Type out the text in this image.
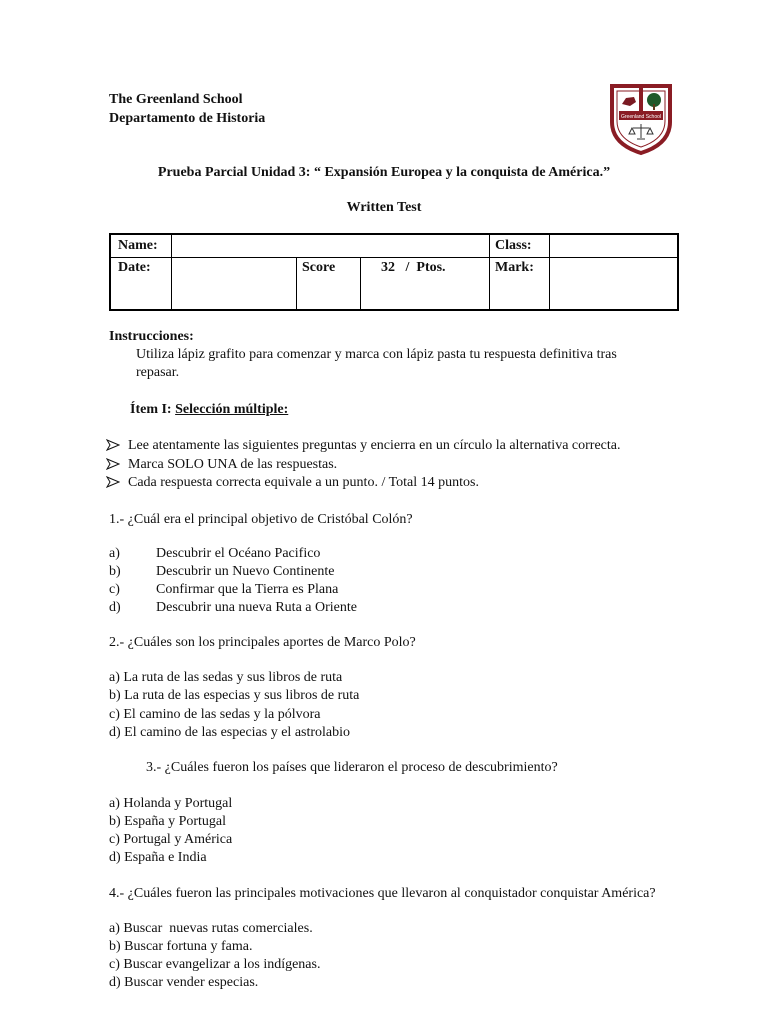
The Greenland School
Departamento de Historia	Greenland School
Prueba Parcial Unidad 3: “ Expansión Europea y la conquista de América.”
Written Test
Name:	Class:
Date:	Score	32   /  Ptos.	Mark:
Instrucciones:
Utiliza lápiz grafito para comenzar y marca con lápiz pasta tu respuesta definitiva tras
repasar.
Ítem I: Selección múltiple:
Lee atentamente las siguientes preguntas y encierra en un círculo la alternativa correcta.
Marca SOLO UNA de las respuestas.
Cada respuesta correcta equivale a un punto. / Total 14 puntos.
1.- ¿Cuál era el principal objetivo de Cristóbal Colón?
a)	Descubrir el Océano Pacifico
b)	Descubrir un Nuevo Continente
c)	Confirmar que la Tierra es Plana
d)	Descubrir una nueva Ruta a Oriente
2.- ¿Cuáles son los principales aportes de Marco Polo?
a) La ruta de las sedas y sus libros de ruta
b) La ruta de las especias y sus libros de ruta
c) El camino de las sedas y la pólvora
d) El camino de las especias y el astrolabio
3.- ¿Cuáles fueron los países que lideraron el proceso de descubrimiento?
a) Holanda y Portugal
b) España y Portugal
c) Portugal y América
d) España e India
4.- ¿Cuáles fueron las principales motivaciones que llevaron al conquistador conquistar América?
a) Buscar  nuevas rutas comerciales.
b) Buscar fortuna y fama.
c) Buscar evangelizar a los indígenas.
d) Buscar vender especias.
